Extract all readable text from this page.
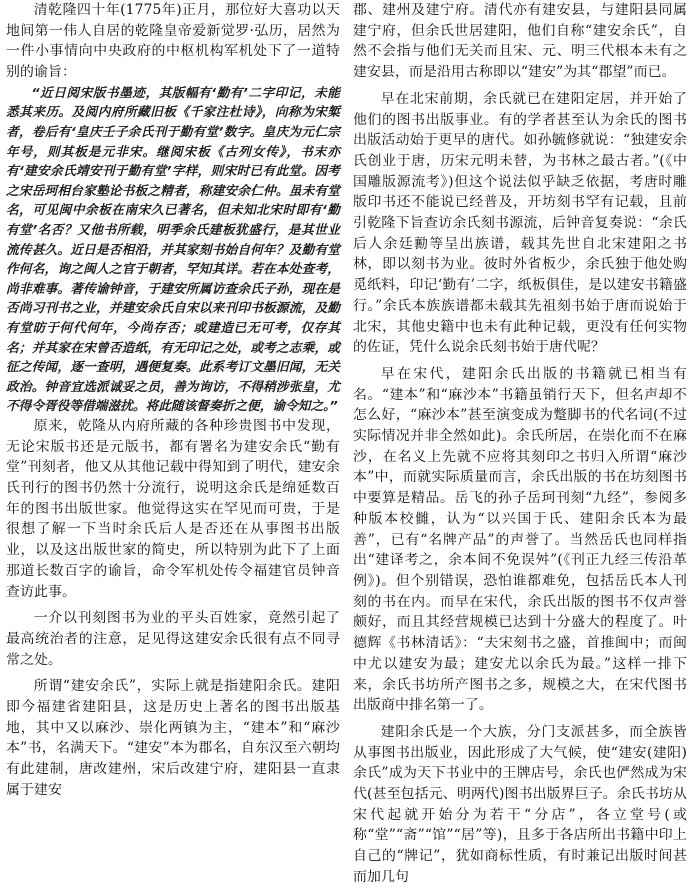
清乾隆四十年(1775年)正月，那位好大喜功以天地间第一伟人自居的乾隆皇帝爱新觉罗·弘历，居然为一件小事情向中央政府的中枢机构军机处下了一道特别的谕旨：

“近日阅宋版书墨迹，其版幅有‘勤有’二字印记，未能悉其来历。及阅内府所藏旧板《千家注杜诗》，向称为宋椠者，卷后有‘皇庆壬子余氏刊于勤有堂’数字。皇庆为元仁宗年号，则其板是元非宋。继阅宋板《古列女传》，书末亦有‘建安余氏靖安刊于勤有堂’字样，则宋时已有此堂。因考之宋岳珂相台家塾论书板之精者，称建安余仁仲。虽未有堂名，可见闽中余板在南宋久已著名，但未知北宋时即有‘勤有堂’名否？又他书所载，明季余氏建板犹盛行，是其世业流传甚久。近日是否相沿，并其家刻书始自何年？及勤有堂作何名，询之闽人之官于朝者，罕知其详。若在本处查考，尚非难事。著传谕钟音，于建安所属访查余氏子孙，现在是否尚习刊书之业，并建安余氏自宋以来刊印书板源流，及勤有堂昉于何代何年，今尚存否；或建造已无可考，仅存其名；并其家在宋曾否造纸，有无印记之处，或考之志乘，或征之传闻，逐一查明，遇便复奏。此系考订文墨旧闻，无关政治。钟音宜选派诚妥之员，善为询访，不得稍涉张皇，尤不得令胥役等借端滋扰。将此随该督奏折之便，谕令知之。”

原来，乾隆从内府所藏的各种珍贵图书中发现，无论宋版书还是元版书，都有署名为建安余氏“勤有堂”刊刻者，他又从其他记载中得知到了明代，建安余氏刊行的图书仍然十分流行，说明这余氏是绵延数百年的图书出版世家。他觉得这实在罕见而可贵，于是很想了解一下当时余氏后人是否还在从事图书出版业，以及这出版世家的简史，所以特别为此下了上面那道长数百字的谕旨，命令军机处传令福建官员钟音查访此事。

一介以刊刻图书为业的平头百姓家，竟然引起了最高统治者的注意，足见得这建安余氏很有点不同寻常之处。

所谓“建安余氏”，实际上就是指建阳余氏。建阳即今福建省建阳县，这是历史上著名的图书出版基地，其中又以麻沙、崇化两镇为主，“建本”和“麻沙本”书，名满天下。“建安”本为郡名，自东汉至六朝均有此建制，唐改建州，宋后改建宁府，建阳县一直隶属于建安

郡、建州及建宁府。清代亦有建安县，与建阳县同属建宁府，但余氏世居建阳，他们自称“建安余氏”，自然不会指与他们无关而且宋、元、明三代根本未有之建安县，而是沿用古称即以“建安”为其“郡望”而已。

早在北宋前期，余氏就已在建阳定居，并开始了他们的图书出版事业。有的学者甚至认为余氏的图书出版活动始于更早的唐代。如孙毓修就说：“独建安余氏创业于唐，历宋元明未替，为书林之最古者。”(《中国雕版源流考》)但这个说法似乎缺乏依据，考唐时雕版印书还不能说已经普及，开坊刻书罕有记载，且前引乾隆下旨查访余氏刻书源流，后钟音复奏说：“余氏后人余廷勷等呈出族谱，载其先世自北宋建阳之书林，即以刻书为业。彼时外省板少，余氏独于他处购觅纸料，印记‘勤有’二字，纸板俱佳，是以建安书籍盛行。”余氏本族族谱都未载其先祖刻书始于唐而说始于北宋，其他史籍中也未有此种记载，更没有任何实物的佐证，凭什么说余氏刻书始于唐代呢？

早在宋代，建阳余氏出版的书籍就已相当有名。“建本”和“麻沙本”书籍虽销行天下，但名声却不怎么好，“麻沙本”甚至演变成为蹩脚书的代名词(不过实际情况并非全然如此)。余氏所居，在崇化而不在麻沙，在名义上先就不应将其刻印之书归入所谓“麻沙本”中，而就实际质量而言，余氏出版的书在坊刻图书中要算是精品。岳飞的孙子岳珂刊刻“九经”，参阅多种版本校雠，认为“以兴国于氏、建阳余氏本为最善”，已有“名牌产品”的声誉了。当然岳氏也同样指出“建译考之，余本间不免误舛”(《刊正九经三传沿革例》)。但个别错误，恐怕谁都难免，包括岳氏本人刊刻的书在内。而早在宋代，余氏出版的图书不仅声誉颇好，而且其经营规模已达到十分盛大的程度了。叶德辉《书林清话》：“夫宋刻书之盛，首推闽中；而闽中尤以建安为最；建安尤以余氏为最。”这样一排下来，余氏书坊所产图书之多，规模之大，在宋代图书出版商中排名第一了。

建阳余氏是一个大族，分门支派甚多，而全族皆从事图书出版业，因此形成了大气候，使“建安(建阳)余氏”成为天下书业中的王牌店号，余氏也俨然成为宋代(甚至包括元、明两代)图书出版界巨子。余氏书坊从宋代起就开始分为若干“分店”，各立堂号(或称“堂”“斋”“馆”“居”等)，且多于各店所出书籍中印上自己的“牌记”，犹如商标性质，有时兼记出版时间甚而加几句
